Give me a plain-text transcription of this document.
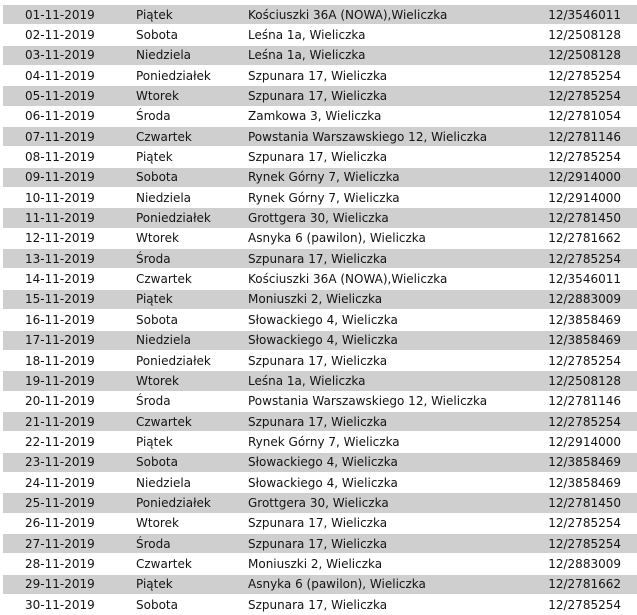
01-11-2019	Piątek	Kościuszki 36A (NOWA),Wieliczka	12/3546011
02-11-2019	Sobota	Leśna 1a, Wieliczka	12/2508128
03-11-2019	Niedziela	Leśna 1a, Wieliczka	12/2508128
04-11-2019	Poniedziałek	Szpunara 17, Wieliczka	12/2785254
05-11-2019	Wtorek	Szpunara 17, Wieliczka	12/2785254
06-11-2019	Środa	Zamkowa 3, Wieliczka	12/2781054
07-11-2019	Czwartek	Powstania Warszawskiego 12, Wieliczka	12/2781146
08-11-2019	Piątek	Szpunara 17, Wieliczka	12/2785254
09-11-2019	Sobota	Rynek Górny 7, Wieliczka	12/2914000
10-11-2019	Niedziela	Rynek Górny 7, Wieliczka	12/2914000
11-11-2019	Poniedziałek	Grottgera 30, Wieliczka	12/2781450
12-11-2019	Wtorek	Asnyka 6 (pawilon), Wieliczka	12/2781662
13-11-2019	Środa	Szpunara 17, Wieliczka	12/2785254
14-11-2019	Czwartek	Kościuszki 36A (NOWA),Wieliczka	12/3546011
15-11-2019	Piątek	Moniuszki 2, Wieliczka	12/2883009
16-11-2019	Sobota	Słowackiego 4, Wieliczka	12/3858469
17-11-2019	Niedziela	Słowackiego 4, Wieliczka	12/3858469
18-11-2019	Poniedziałek	Szpunara 17, Wieliczka	12/2785254
19-11-2019	Wtorek	Leśna 1a, Wieliczka	12/2508128
20-11-2019	Środa	Powstania Warszawskiego 12, Wieliczka	12/2781146
21-11-2019	Czwartek	Szpunara 17, Wieliczka	12/2785254
22-11-2019	Piątek	Rynek Górny 7, Wieliczka	12/2914000
23-11-2019	Sobota	Słowackiego 4, Wieliczka	12/3858469
24-11-2019	Niedziela	Słowackiego 4, Wieliczka	12/3858469
25-11-2019	Poniedziałek	Grottgera 30, Wieliczka	12/2781450
26-11-2019	Wtorek	Szpunara 17, Wieliczka	12/2785254
27-11-2019	Środa	Szpunara 17, Wieliczka	12/2785254
28-11-2019	Czwartek	Moniuszki 2, Wieliczka	12/2883009
29-11-2019	Piątek	Asnyka 6 (pawilon), Wieliczka	12/2781662
30-11-2019	Sobota	Szpunara 17, Wieliczka	12/2785254
